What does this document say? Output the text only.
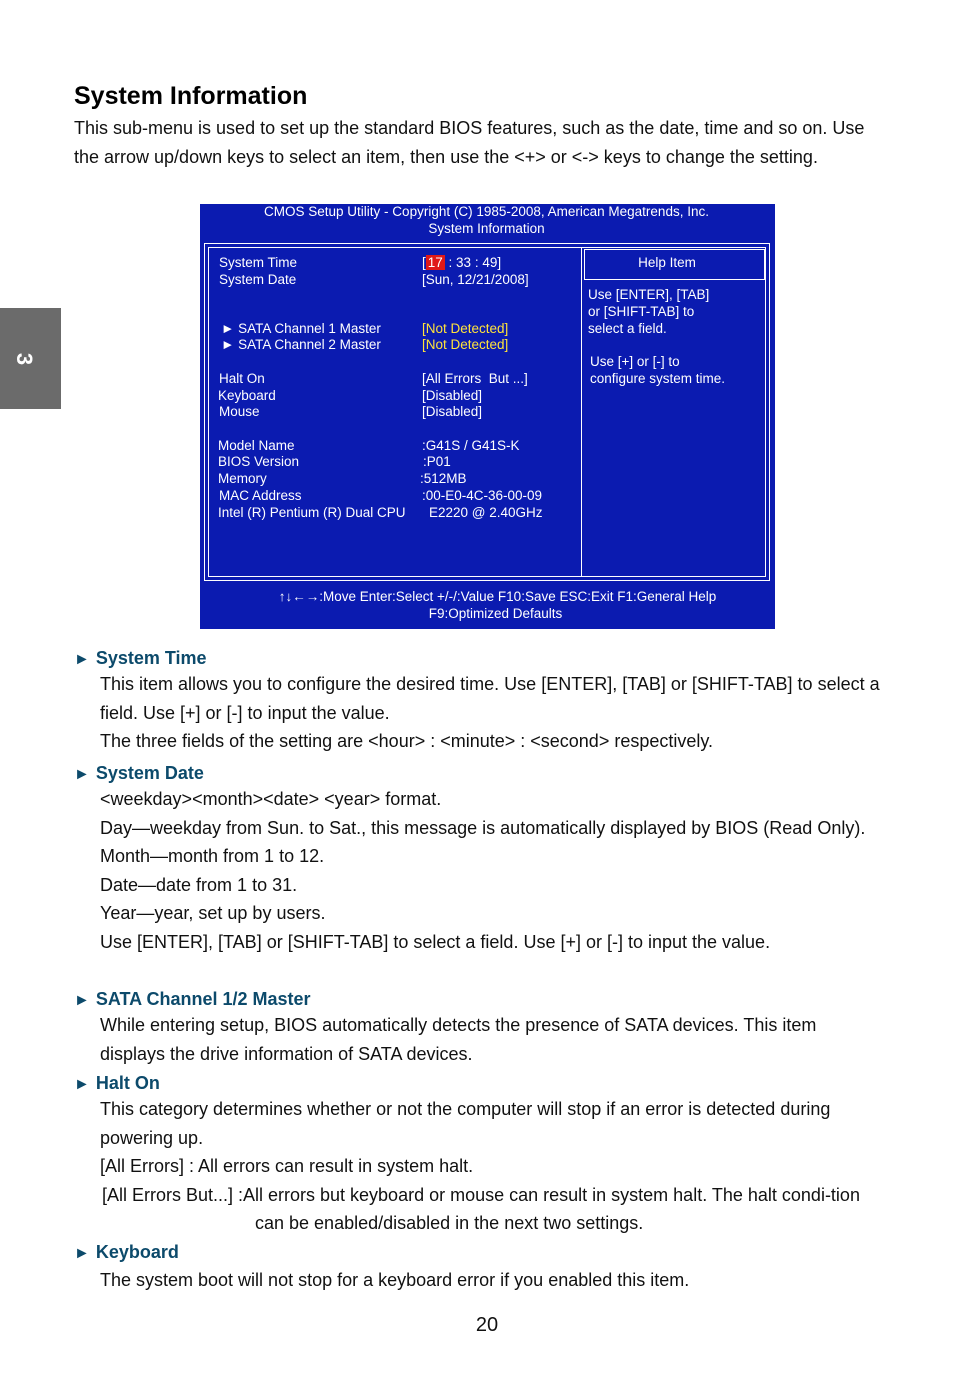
3
System Information

This sub-menu is used to set up the standard BIOS features, such as the date, time and so on. Use the arrow up/down keys to select an item, then use the <+> or <-> keys to change the setting.

CMOS Setup Utility - Copyright (C) 1985-2008, American Megatrends, Inc.
System Information
Help Item
Use [ENTER], [TAB]
or [SHIFT-TAB] to
select a field.
Use [+] or [-] to
configure system time.
System Time	[ 17 : 33 : 49]
System Date	[Sun, 12/21/2008]
► SATA Channel 1 Master	[Not Detected]
► SATA Channel 2 Master	[Not Detected]
Halt On	[All Errors  But ...]
Keyboard	[Disabled]
Mouse	[Disabled]
Model Name	:G41S / G41S-K
BIOS Version	:P01
Memory	:512MB
MAC Address	:00-E0-4C-36-00-09
Intel (R) Pentium (R) Dual CPU E2220 @ 2.40GHz
↑↓←→:Move Enter:Select +/-/:Value F10:Save ESC:Exit F1:General Help
F9:Optimized Defaults
► System Time

This item allows you to configure the desired time. Use [ENTER], [TAB] or [SHIFT-TAB] to select a field. Use [+] or [-] to input the value.

The three fields of the setting are <hour> : <minute> : <second> respectively.

► System Date

<weekday><month><date> <year> format.

Day—weekday from Sun. to Sat., this message is automatically displayed by BIOS (Read Only).

Month—month from 1 to 12.

Date—date from 1 to 31.

Year—year, set up by users.

Use [ENTER], [TAB] or [SHIFT-TAB] to select a field. Use [+] or [-] to input the value.

► SATA Channel 1/2 Master

While entering setup, BIOS automatically detects the presence of SATA devices. This item displays the drive information of SATA devices.

► Halt On

This category determines whether or not the computer will stop if an error is detected during powering up.

[All Errors] : All errors can result in system halt.

[All Errors But...] : All errors but keyboard or mouse can result in system halt. The halt condi-tion can be enabled/disabled in the next two settings.
► Keyboard

The system boot will not stop for a keyboard error if you enabled this item.

20
